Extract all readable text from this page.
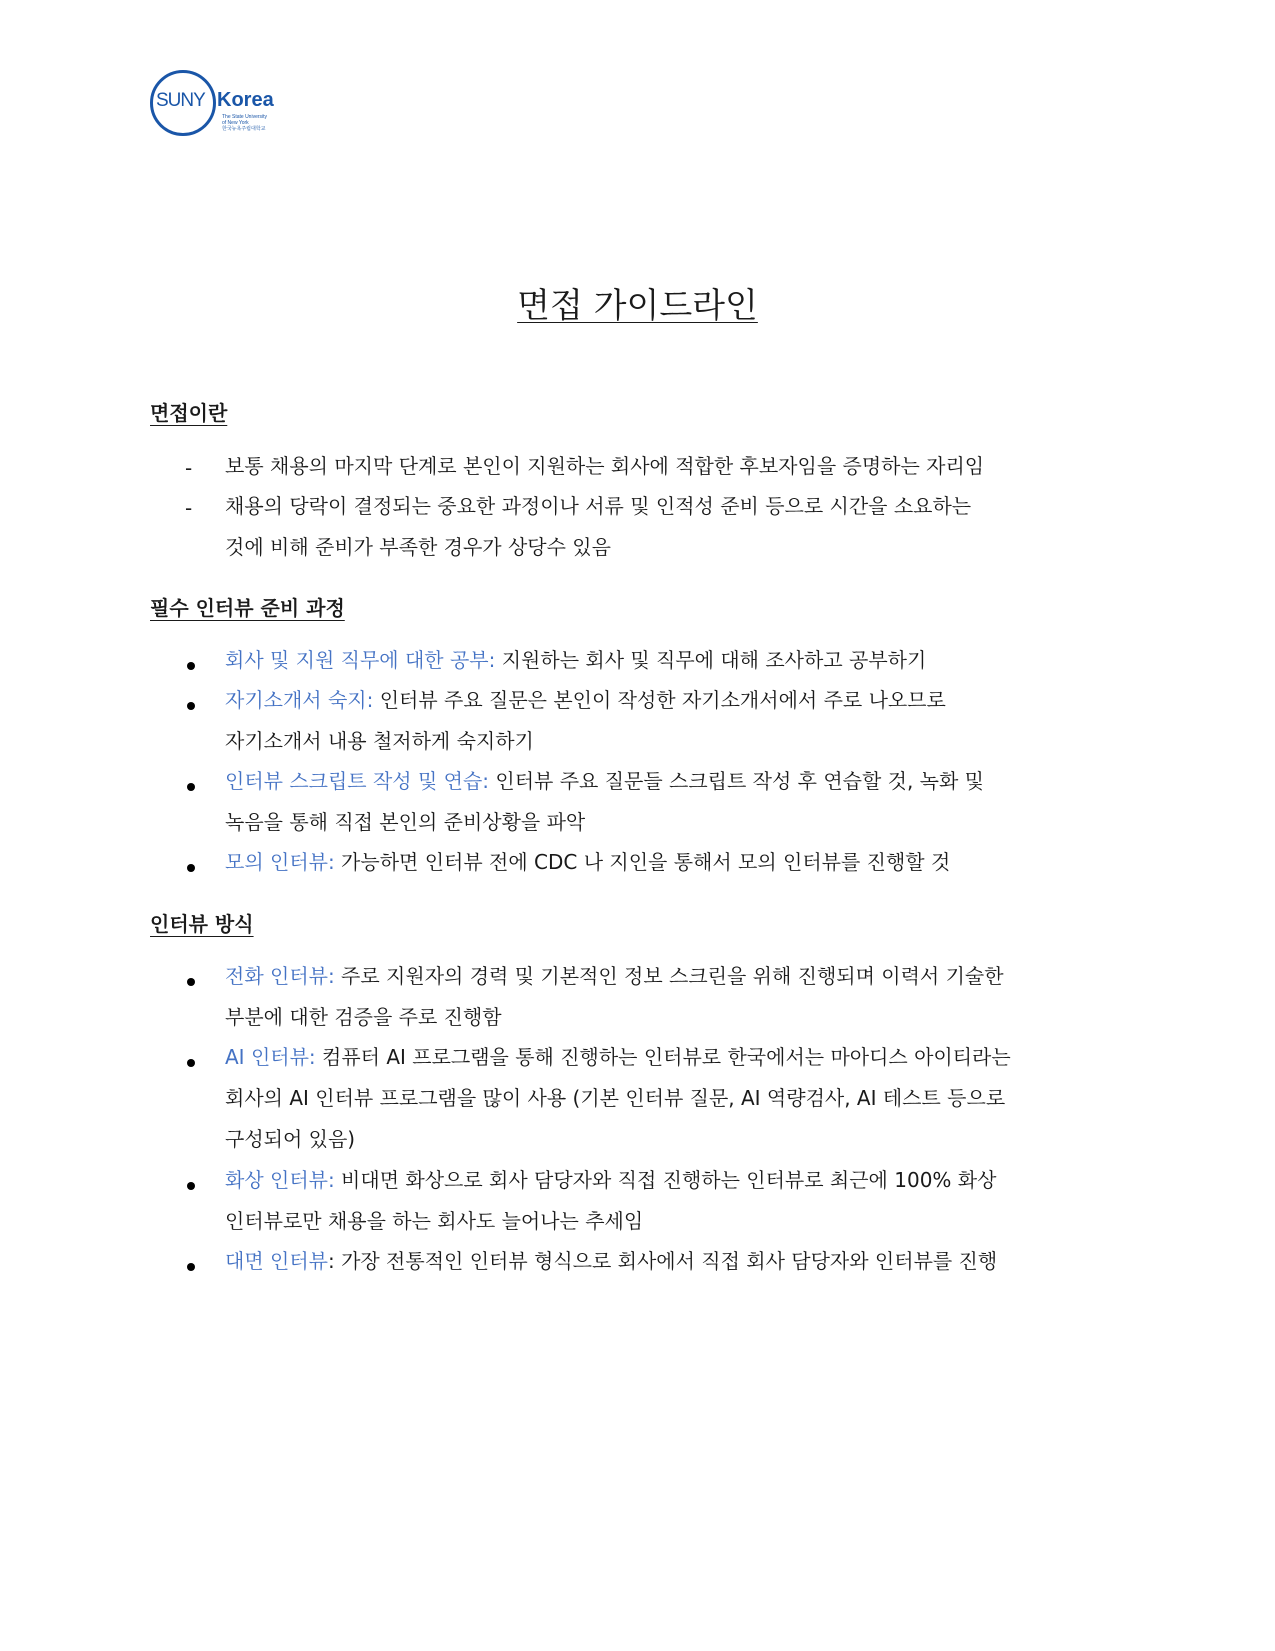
SUNY Korea
The State University
of New York
한국뉴욕주립대학교
면접 가이드라인
면접이란
- 보통 채용의 마지막 단계로 본인이 지원하는 회사에 적합한 후보자임을 증명하는 자리임
- 채용의 당락이 결정되는 중요한 과정이나 서류 및 인적성 준비 등으로 시간을 소요하는
것에 비해 준비가 부족한 경우가 상당수 있음
필수 인터뷰 준비 과정
회사 및 지원 직무에 대한 공부: 지원하는 회사 및 직무에 대해 조사하고 공부하기
자기소개서 숙지: 인터뷰 주요 질문은 본인이 작성한 자기소개서에서 주로 나오므로
자기소개서 내용 철저하게 숙지하기
인터뷰 스크립트 작성 및 연습: 인터뷰 주요 질문들 스크립트 작성 후 연습할 것, 녹화 및
녹음을 통해 직접 본인의 준비상황을 파악
모의 인터뷰: 가능하면 인터뷰 전에 CDC 나 지인을 통해서 모의 인터뷰를 진행할 것
인터뷰 방식
전화 인터뷰: 주로 지원자의 경력 및 기본적인 정보 스크린을 위해 진행되며 이력서 기술한
부분에 대한 검증을 주로 진행함
AI 인터뷰: 컴퓨터 AI 프로그램을 통해 진행하는 인터뷰로 한국에서는 마아디스 아이티라는
회사의 AI 인터뷰 프로그램을 많이 사용 (기본 인터뷰 질문, AI 역량검사, AI 테스트 등으로
구성되어 있음)
화상 인터뷰: 비대면 화상으로 회사 담당자와 직접 진행하는 인터뷰로 최근에 100% 화상
인터뷰로만 채용을 하는 회사도 늘어나는 추세임
대면 인터뷰: 가장 전통적인 인터뷰 형식으로 회사에서 직접 회사 담당자와 인터뷰를 진행
